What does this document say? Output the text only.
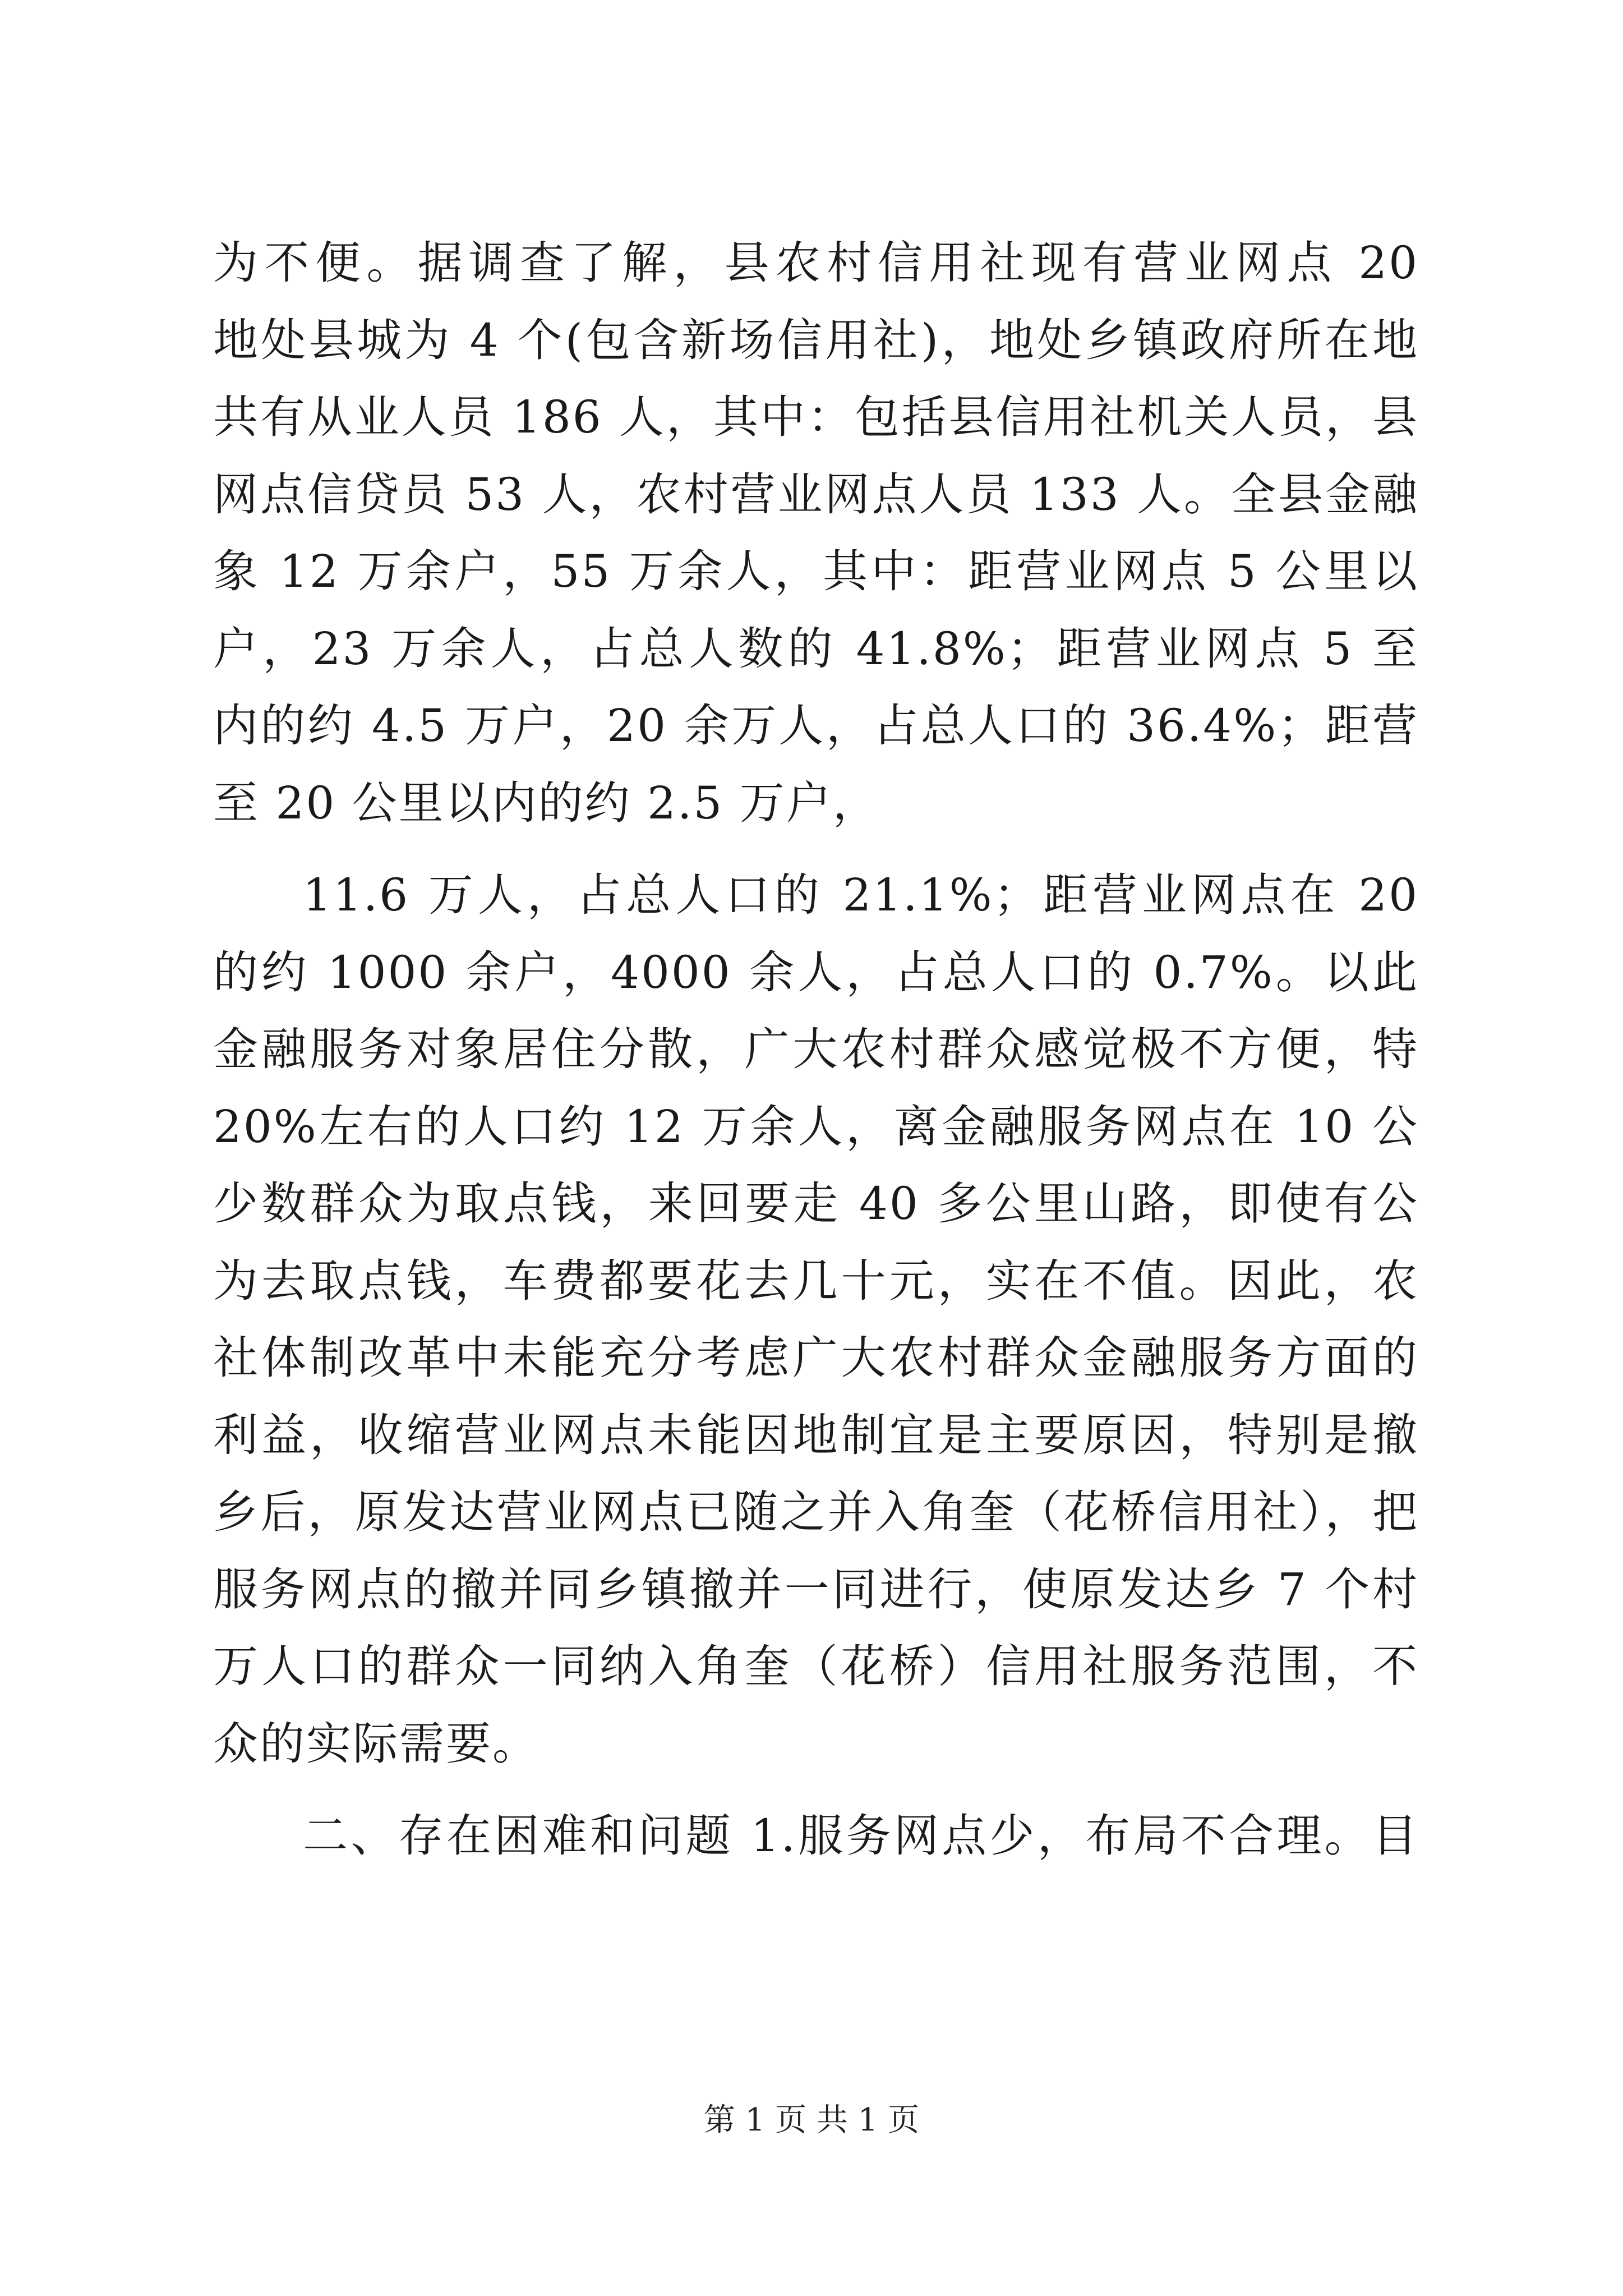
为不便。据调查了解，县农村信用社现有营业网点 20
地处县城为 4 个(包含新场信用社)，地处乡镇政府所在地
共有从业人员 186 人，其中：包括县信用社机关人员，县
网点信贷员 53 人，农村营业网点人员 133 人。全县金融
象 12 万余户，55 万余人，其中：距营业网点 5 公里以
户，23 万余人，占总人数的 41.8%；距营业网点 5 至
内的约 4.5 万户，20 余万人，占总人口的 36.4%；距营
至 20 公里以内的约 2.5 万户，
11.6 万人，占总人口的 21.1%；距营业网点在 20
的约 1000 余户，4000 余人，占总人口的 0.7%。以此
金融服务对象居住分散，广大农村群众感觉极不方便，特
20%左右的人口约 12 万余人，离金融服务网点在 10 公
少数群众为取点钱，来回要走 40 多公里山路，即使有公
为去取点钱，车费都要花去几十元，实在不值。因此，农
社体制改革中未能充分考虑广大农村群众金融服务方面的
利益，收缩营业网点未能因地制宜是主要原因，特别是撤
乡后，原发达营业网点已随之并入角奎（花桥信用社），把
服务网点的撤并同乡镇撤并一同进行，使原发达乡 7 个村
万人口的群众一同纳入角奎（花桥）信用社服务范围，不
众的实际需要。
二、存在困难和问题 1.服务网点少，布局不合理。目
第 1 页 共 1 页
